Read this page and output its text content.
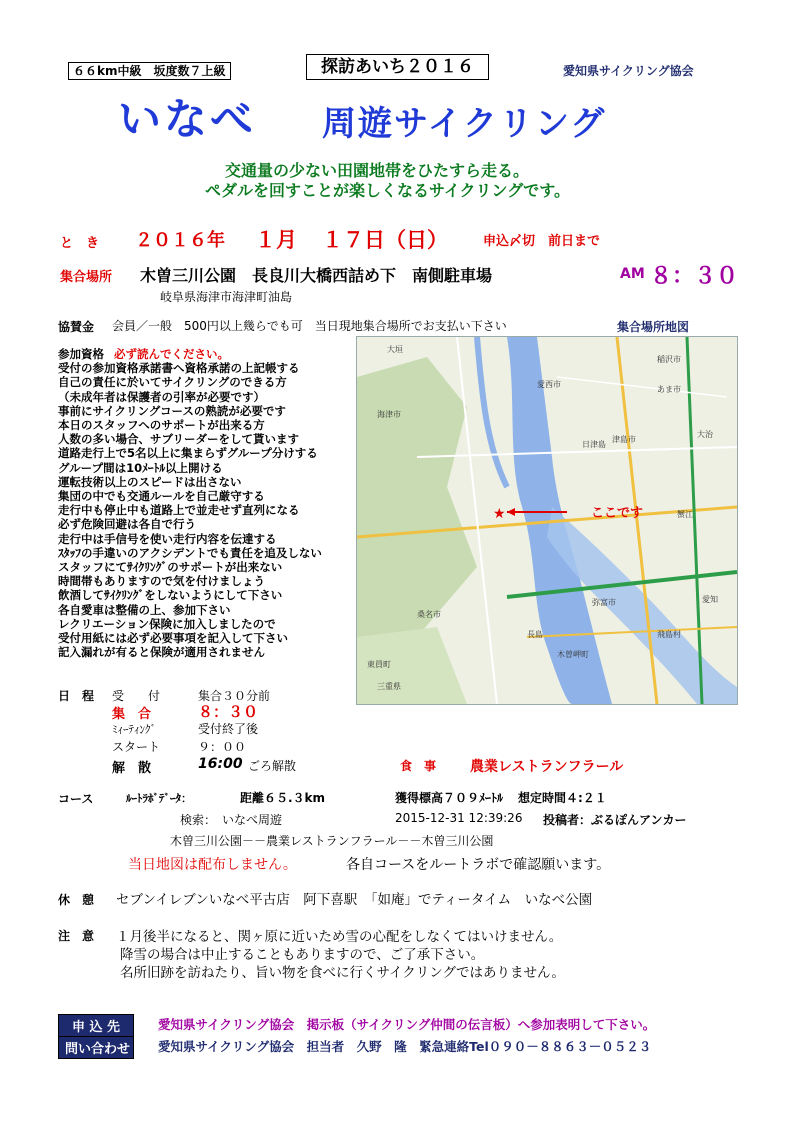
６６km中級　坂度数７上級	探訪あいち２０１６	愛知県サイクリング協会
いなべ 周遊サイクリング
交通量の少ない田園地帯をひたすら走る。
ペダルを回すことが楽しくなるサイクリングです。
と　き ２０１６年 １月 １７日（日）	申込〆切　前日まで
集合場所 木曽三川公園　長良川大橋西詰め下　南側駐車場	AM ８：３０
岐阜県海津市海津町油島
協賛金 会員／一般　500円以上幾らでも可　当日現地集合場所でお支払い下さい	集合場所地図
参加資格 必ず読んでください。
受付の参加資格承諾書へ資格承諾の上記帳する
自己の責任に於いてサイクリングのできる方
（未成年者は保護者の引率が必要です）
事前にサイクリングコースの熟読が必要です
本日のスタッフへのサポートが出来る方
人数の多い場合、サブリーダーをして貰います
道路走行上で5名以上に集まらずグループ分けする
グループ間は10ﾒｰﾄﾙ以上開ける
運転技術以上のスピードは出さない
集団の中でも交通ルールを自己厳守する
走行中も停止中も道路上で並走せず直列になる
必ず危険回避は各自で行う
走行中は手信号を使い走行内容を伝達する
ｽﾀｯﾌの手違いのアクシデントでも責任を追及しない
スタッフにてｻｲｸﾘﾝｸﾞのサポートが出来ない
時間帯もありますので気を付けましょう
飲酒してｻｲｸﾘﾝｸﾞをしないようにして下さい
各自愛車は整備の上、参加下さい
レクリエーション保険に加入しましたので
受付用紙には必ず必要事項を記入して下さい
記入漏れが有ると保険が適用されません
稲沢市
あま市
愛西市
海津市
津島市
日津島
弥富市
桑名市
三重県
大垣
愛知
飛島村
木曽岬町
蟹江
東員町
長島
大治
★	ここです
日　程 受　　付	集合３０分前
集　合	８：３０
ﾐｨｰﾃｨﾝｸﾞ	受付終了後
スタート	９：００
解　散	16:00 ごろ解散	食　事 農業レストランフラール
コース	ﾙｰﾄﾗﾎﾞﾃﾞｰﾀ：	距離６５.３km	獲得標高７０９ﾒｰﾄﾙ 想定時間４:２１
検索：　いなべ周遊	2015-12-31 12:39:26 投稿者：ぶるぽんアンカー
木曽三川公園－－農業レストランフラール－－木曽三川公園
当日地図は配布しません。	各自コースをルートラボで確認願います。
休　憩 セブンイレブンいなべ平古店　阿下喜駅　「如庵」でティータイム　いなべ公園
注　意 １月後半になると、関ヶ原に近いため雪の心配をしなくてはいけません。
降雪の場合は中止することもありますので、ご了承下さい。
名所旧跡を訪ねたり、旨い物を食べに行くサイクリングではありません。
申 込 先	愛知県サイクリング協会　掲示板（サイクリング仲間の伝言板）へ参加表明して下さい。
問い合わせ	愛知県サイクリング協会　担当者　久野　隆　緊急連絡Tel０９０－８８６３－０５２３
